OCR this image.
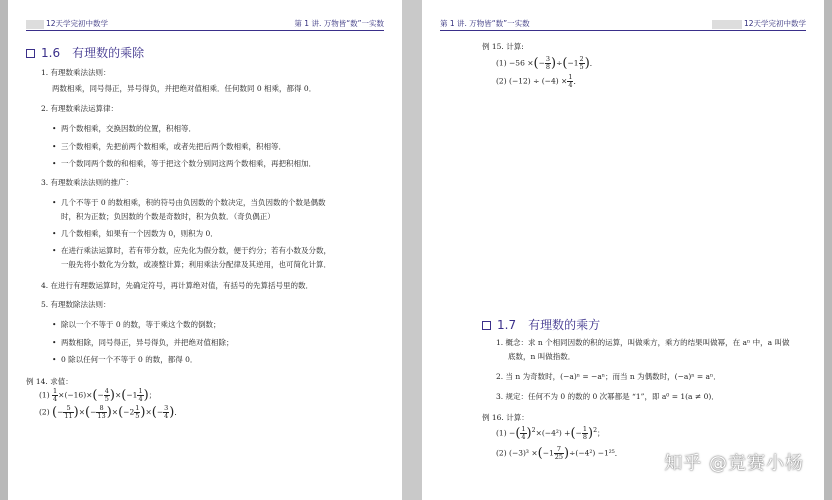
12天学完初中数学	第 1 讲. 万物皆“数”一实数
1.6 有理数的乘除
1. 有理数乘法法则：
两数相乘，同号得正，异号得负，并把绝对值相乘．任何数同 0 相乘，都得 0．
2. 有理数乘法运算律：
• 两个数相乘，交换因数的位置，积相等．
• 三个数相乘，先把前两个数相乘，或者先把后两个数相乘，积相等．
• 一个数同两个数的和相乘，等于把这个数分别同这两个数相乘，再把积相加．
3. 有理数乘法法则的推广：
• 几个不等于 0 的数相乘，积的符号由负因数的个数决定，当负因数的个数是偶数
时，积为正数；负因数的个数是奇数时，积为负数．（奇负偶正）
• 几个数相乘，如果有一个因数为 0，则积为 0．
• 在进行乘法运算时，若有带分数，应先化为假分数，便于约分；若有小数及分数，
一般先将小数化为分数，或凑整计算；利用乘法分配律及其逆用，也可简化计算．
4. 在进行有理数运算时，先确定符号，再计算绝对值，有括号的先算括号里的数．
5. 有理数除法法则：
• 除以一个不等于 0 的数，等于乘这个数的倒数；
• 两数相除，同号得正，异号得负，并把绝对值相除；
• 0 除以任何一个不等于 0 的数，都得 0．
例 14. 求值：
$(1) \frac{1}{4} \times(-16)\times(- \frac{4}{5} )\times(-1 \frac{1}{4}$ )；
(2) (− $\frac{5}{11}$ )×(− $\frac{8}{13} )\times(-2 \frac{1}{5}$ )×(− $\frac{3}{4}$ )．
第 1 讲. 万物皆“数”一实数	12天学完初中数学
例 15. 计算:
(1) −56 ×(− $\frac{3}{8} )\div(-1 \frac{2}{5}$ )．
(2) $(-12) \div (-4) \times \frac{1}{4}$ ．
1.7 有理数的乘方
1. 概念：求 n 个相同因数的积的运算，叫做乘方，乘方的结果叫做幂，在 aⁿ 中，a 叫做
底数，n 叫做指数．
2. 当 n 为奇数时，(−a)ⁿ = −aⁿ；而当 n 为偶数时，(−a)ⁿ = aⁿ．
3. 规定：任何不为 0 的数的 0 次幂都是 “1”，即 a⁰ = 1(a ≠ 0)．
例 16. 计算：
(1) −( $\frac{1}{4} )^2\times(-4^2)$ +(− $\frac{1}{8} )^2$；
(2) $(-3)^3 \times(-1 \frac{7}{25} )\div(-4^2) -1^{25}$． 知乎 @竞赛小杨
